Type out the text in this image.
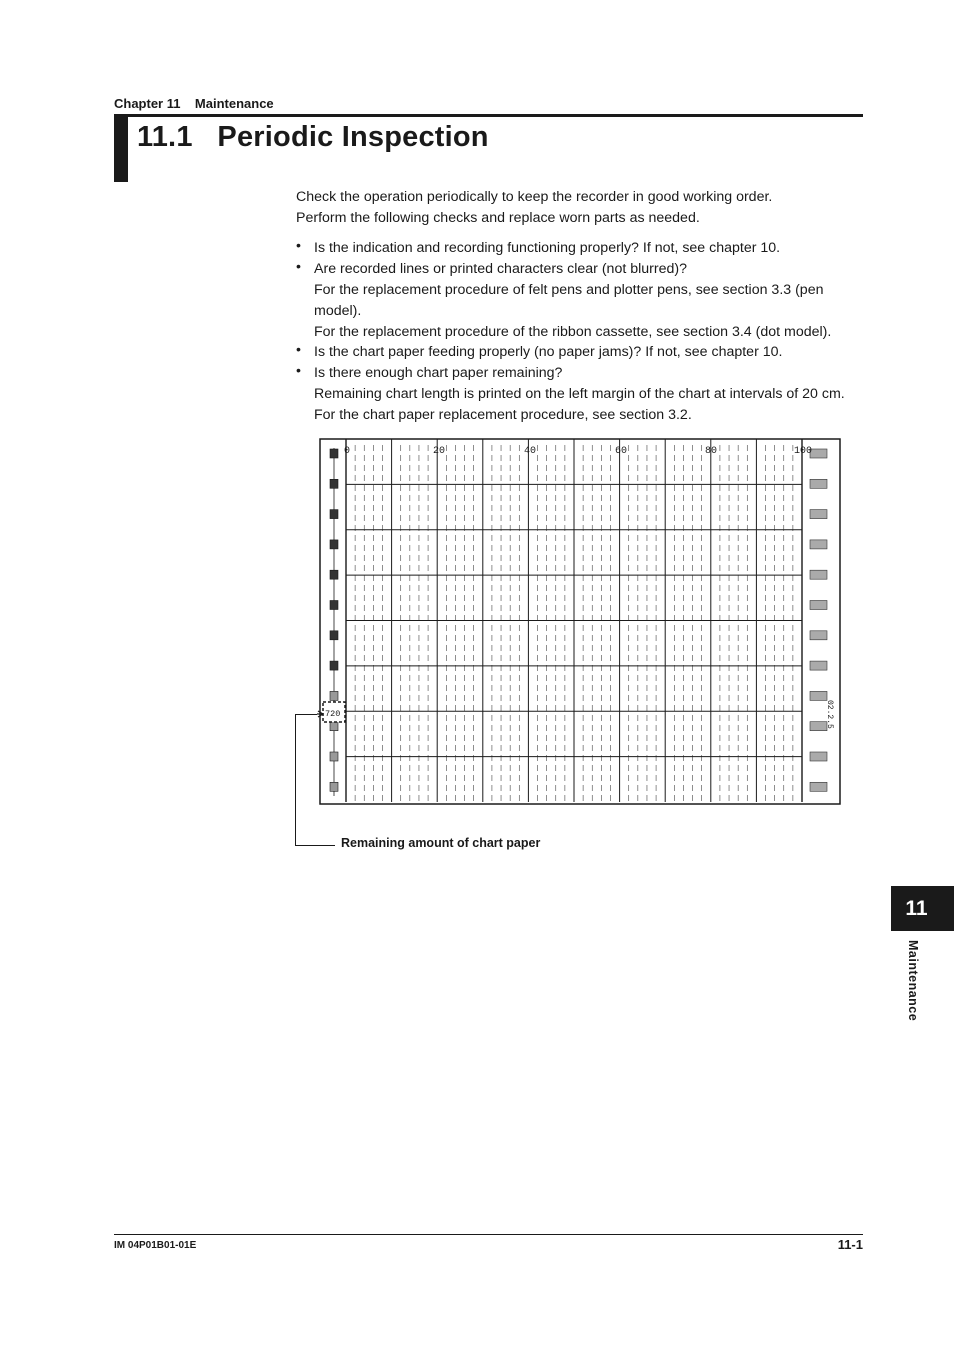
Chapter 11    Maintenance
11.1   Periodic Inspection
Check the operation periodically to keep the recorder in good working order.
Perform the following checks and replace worn parts as needed.
• Is the indication and recording functioning properly? If not, see chapter 10.
• Are recorded lines or printed characters clear (not blurred)?
For the replacement procedure of felt pens and plotter pens, see section 3.3 (pen
model).
For the replacement procedure of the ribbon cassette, see section 3.4 (dot model).
• Is the chart paper feeding properly (no paper jams)? If not, see chapter 10.
• Is there enough chart paper remaining?
Remaining chart length is printed on the left margin of the chart at intervals of 20 cm.
For the chart paper replacement procedure, see section 3.2.
0	20	40	60	80	100
720	02.2.5
Remaining amount of chart paper
11
Maintenance
IM 04P01B01-01E	11-1
